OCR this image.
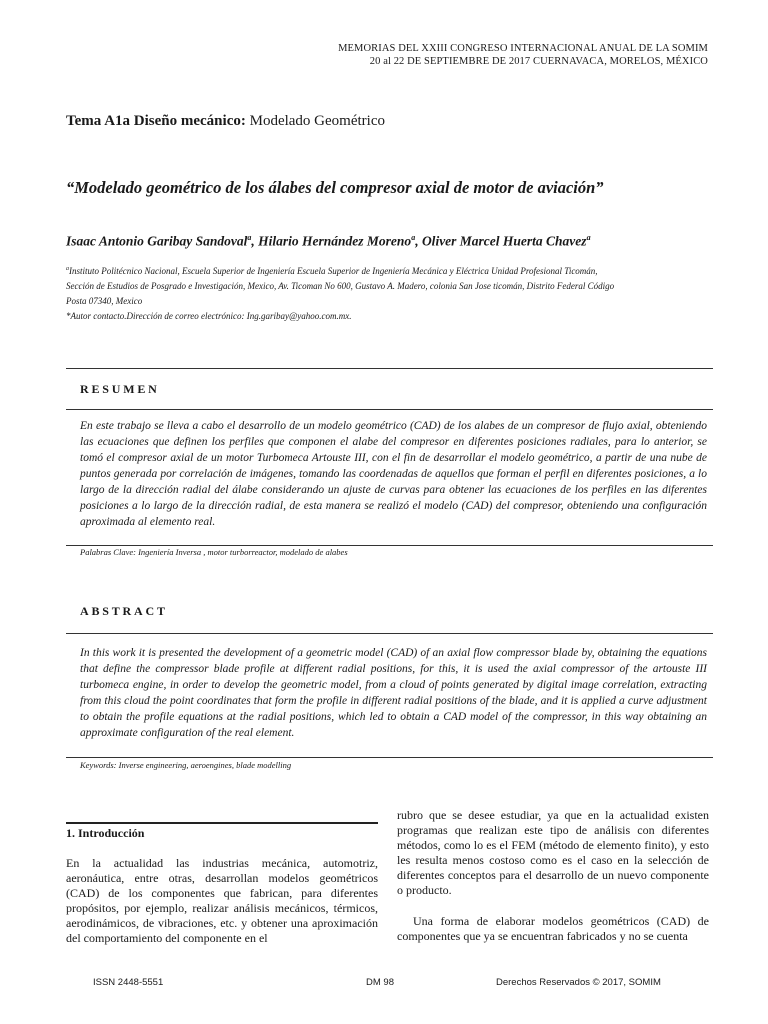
MEMORIAS DEL XXIII CONGRESO INTERNACIONAL ANUAL DE LA SOMIM
20 al 22 DE SEPTIEMBRE DE 2017 CUERNAVACA, MORELOS, MÉXICO
Tema A1a Diseño mecánico: Modelado Geométrico
“Modelado geométrico de los álabes del compresor axial de motor de aviación”
Isaac Antonio Garibay Sandoval$^a$, Hilario Hernández Moreno$^a$, Oliver Marcel Huerta Chavez$^a$
$^a$Instituto Politécnico Nacional, Escuela Superior de Ingeniería Escuela Superior de Ingeniería Mecánica y Eléctrica Unidad Profesional Ticomán,
Sección de Estudios de Posgrado e Investigación, Mexico, Av. Ticoman No 600, Gustavo A. Madero, colonia San Jose ticomán, Distrito Federal Código
Posta 07340, Mexico
*Autor contacto.Dirección de correo electrónico: Ing.garibay@yahoo.com.mx.
RESUMEN
En este trabajo se lleva a cabo el desarrollo de un modelo geométrico (CAD) de los alabes de un compresor de flujo axial, obteniendo las ecuaciones que definen los perfiles que componen el alabe del compresor en diferentes posiciones radiales, para lo anterior, se tomó el compresor axial de un motor Turbomeca Artouste III, con el fin de desarrollar el modelo geométrico, a partir de una nube de puntos generada por correlación de imágenes, tomando las coordenadas de aquellos que forman el perfil en diferentes posiciones, a lo largo de la dirección radial del álabe considerando un ajuste de curvas para obtener las ecuaciones de los perfiles en las diferentes posiciones a lo largo de la dirección radial, de esta manera se realizó el modelo (CAD) del compresor, obteniendo una configuración aproximada al elemento real.
Palabras Clave: Ingeniería Inversa , motor turborreactor, modelado de alabes
ABSTRACT
In this work it is presented the development of a geometric model (CAD) of an axial flow compressor blade by, obtaining the equations that define the compressor blade profile at different radial positions, for this, it is used the axial compressor of the artouste III turbomeca engine, in order to develop the geometric model, from a cloud of points generated by digital image correlation, extracting from this cloud the point coordinates that form the profile in different radial positions of the blade, and it is applied a curve adjustment to obtain the profile equations at the radial positions, which led to obtain a CAD model of the compressor, in this way obtaining an approximate configuration of the real element.
Keywords: Inverse engineering, aeroengines, blade modelling
1. Introducción

En la actualidad las industrias mecánica, automotriz, aeronáutica, entre otras, desarrollan modelos geométricos (CAD) de los componentes que fabrican, para diferentes propósitos, por ejemplo, realizar análisis mecánicos, térmicos, aerodinámicos, de vibraciones, etc. y obtener una aproximación del comportamiento del componente en el

rubro que se desee estudiar, ya que en la actualidad existen programas que realizan este tipo de análisis con diferentes métodos, como lo es el FEM (método de elemento finito), y esto les resulta menos costoso como es el caso en la selección de diferentes conceptos para el desarrollo de un nuevo componente o producto.

Una forma de elaborar modelos geométricos (CAD) de componentes que ya se encuentran fabricados y no se cuenta

ISSN 2448-5551	DM 98	Derechos Reservados © 2017, SOMIM
